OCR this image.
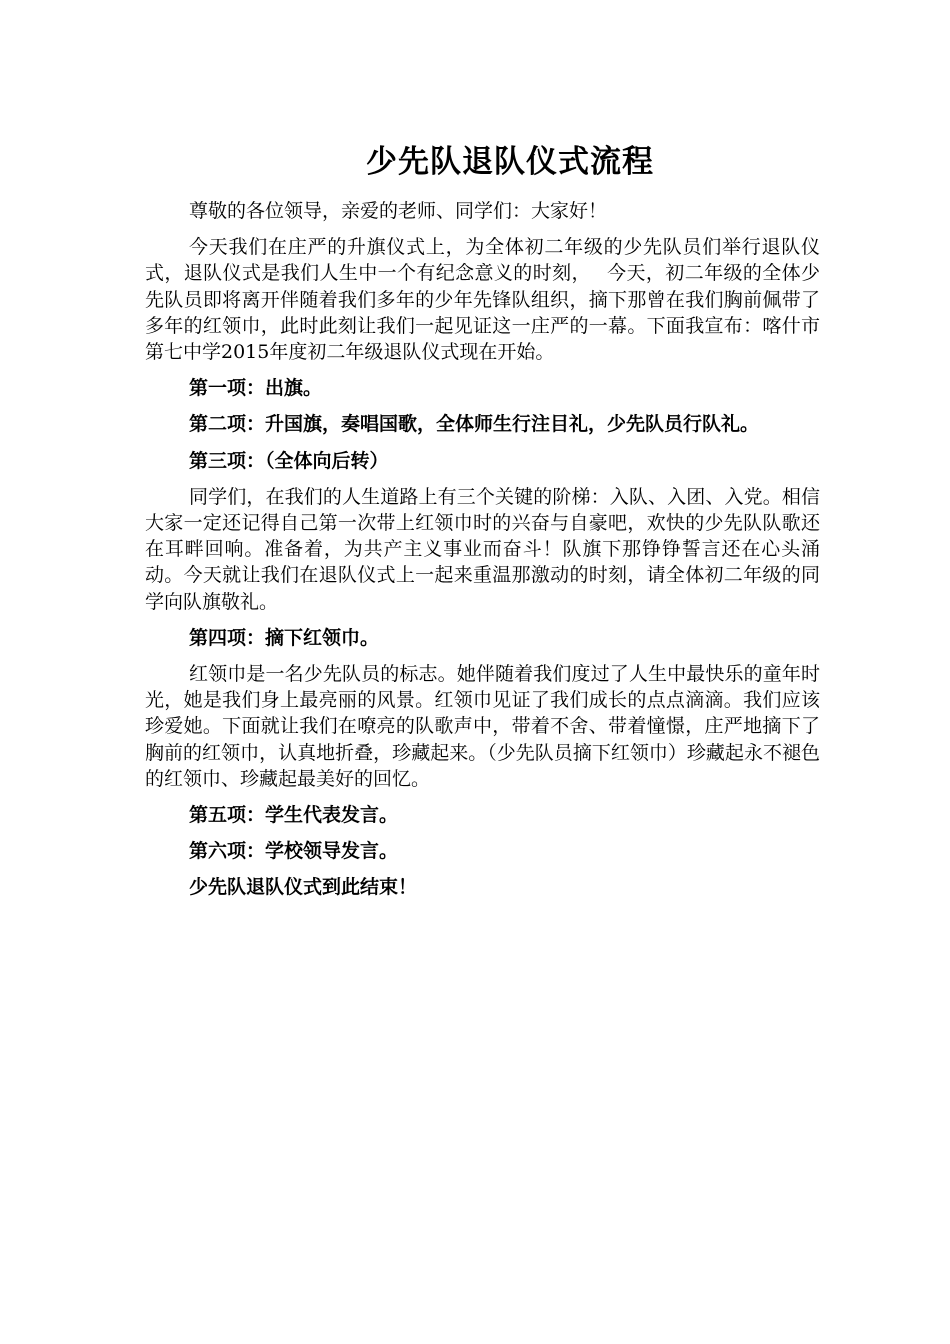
少先队退队仪式流程

尊敬的各位领导，亲爱的老师、同学们：大家好！

今天我们在庄严的升旗仪式上，为全体初二年级的少先队员们举行退队仪式，退队仪式是我们人生中一个有纪念意义的时刻，　 今天，初二年级的全体少先队员即将离开伴随着我们多年的少年先锋队组织，摘下那曾在我们胸前佩带了多年的红领巾，此时此刻让我们一起见证这一庄严的一幕。下面我宣布：喀什市第七中学2015年度初二年级退队仪式现在开始。

第一项：出旗。

第二项：升国旗，奏唱国歌，全体师生行注目礼，少先队员行队礼。

第三项：（全体向后转）

同学们，在我们的人生道路上有三个关键的阶梯：入队、入团、入党。相信大家一定还记得自己第一次带上红领巾时的兴奋与自豪吧，欢快的少先队队歌还在耳畔回响。准备着，为共产主义事业而奋斗！队旗下那铮铮誓言还在心头涌动。今天就让我们在退队仪式上一起来重温那激动的时刻，请全体初二年级的同学向队旗敬礼。

第四项：摘下红领巾。

红领巾是一名少先队员的标志。她伴随着我们度过了人生中最快乐的童年时光，她是我们身上最亮丽的风景。红领巾见证了我们成长的点点滴滴。我们应该珍爱她。下面就让我们在嘹亮的队歌声中，带着不舍、带着憧憬，庄严地摘下了胸前的红领巾，认真地折叠，珍藏起来。（少先队员摘下红领巾）珍藏起永不褪色的红领巾、珍藏起最美好的回忆。

第五项：学生代表发言。

第六项：学校领导发言。

少先队退队仪式到此结束！
